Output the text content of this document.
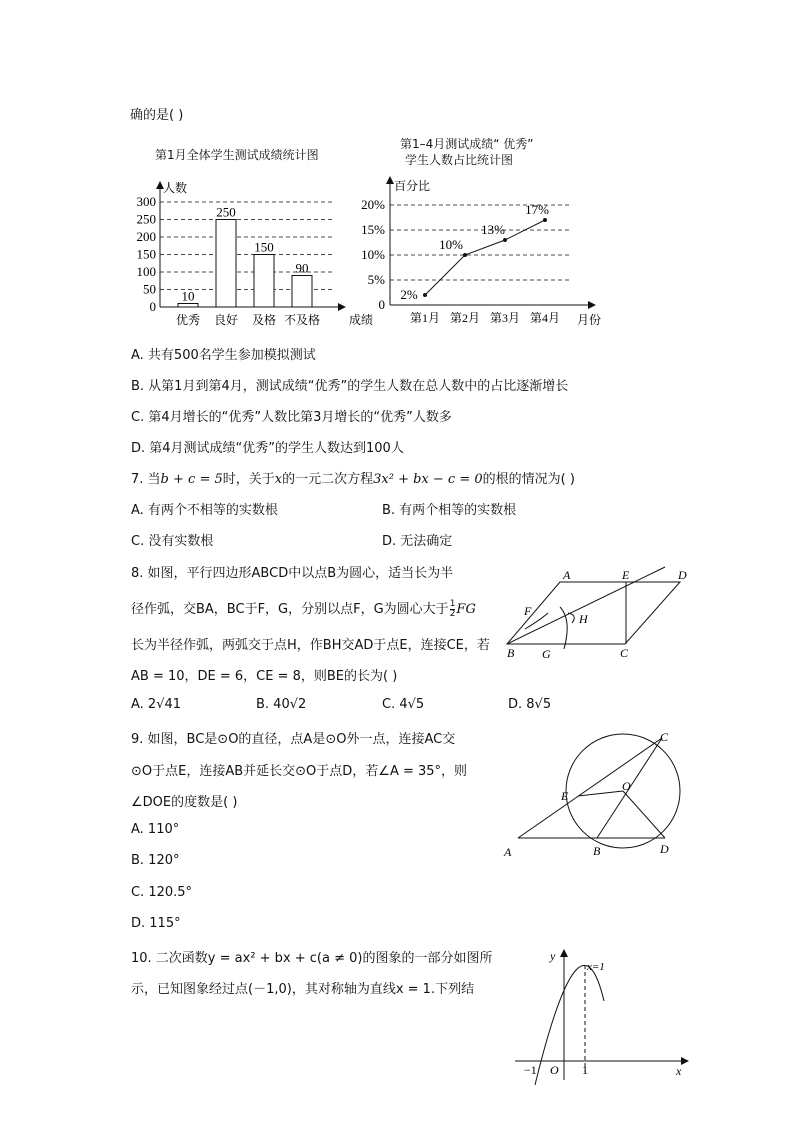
确的是( )
第1月全体学生测试成绩统计图
第1–4月测试成绩“ 优秀”
学生人数占比统计图
50
100
150
200
250
300
0
人数
成绩
10
优秀
250
良好
150
及格
90
不及格
0
5%
10%
15%
20%
百分比
月份
2%
第1月
10%
第2月
13%
第3月
17%
第4月
A. 共有500名学生参加模拟测试
B. 从第1月到第4月，测试成绩“优秀”的学生人数在总人数中的占比逐渐增长
C. 第4月增长的“优秀”人数比第3月增长的“优秀”人数多
D. 第4月测试成绩“优秀”的学生人数达到100人
7. 当b + c = 5时，关于x的一元二次方程3x² + bx − c = 0的根的情况为( )
A. 有两个不相等的实数根	B. 有两个相等的实数根
C. 没有实数根	D. 无法确定
8. 如图，平行四边形ABCD中以点B为圆心，适当长为半
径作弧，交BA，BC于F，G，分别以点F，G为圆心大于 $\frac{1}{2}$ FG
长为半径作弧，两弧交于点H，作BH交AD于点E，连接CE，若
AB = 10，DE = 6，CE = 8，则BE的长为( )
A. 2√41	B. 40√2	C. 4√5	D. 8√5
A	E	D
F
H
B G	C
9. 如图，BC是⊙O的直径，点A是⊙O外一点，连接AC交
⊙O于点E，连接AB并延长交⊙O于点D，若∠A = 35°，则
∠DOE的度数是( )
A. 110°
B. 120°
C. 120.5°
D. 115°
C
O
E
A	B	D
10. 二次函数y = ax² + bx + c(a ≠ 0)的图象的一部分如图所
示，已知图象经过点(－1,0)，其对称轴为直线x = 1.下列结
y
x=1
O
−1	1	x
